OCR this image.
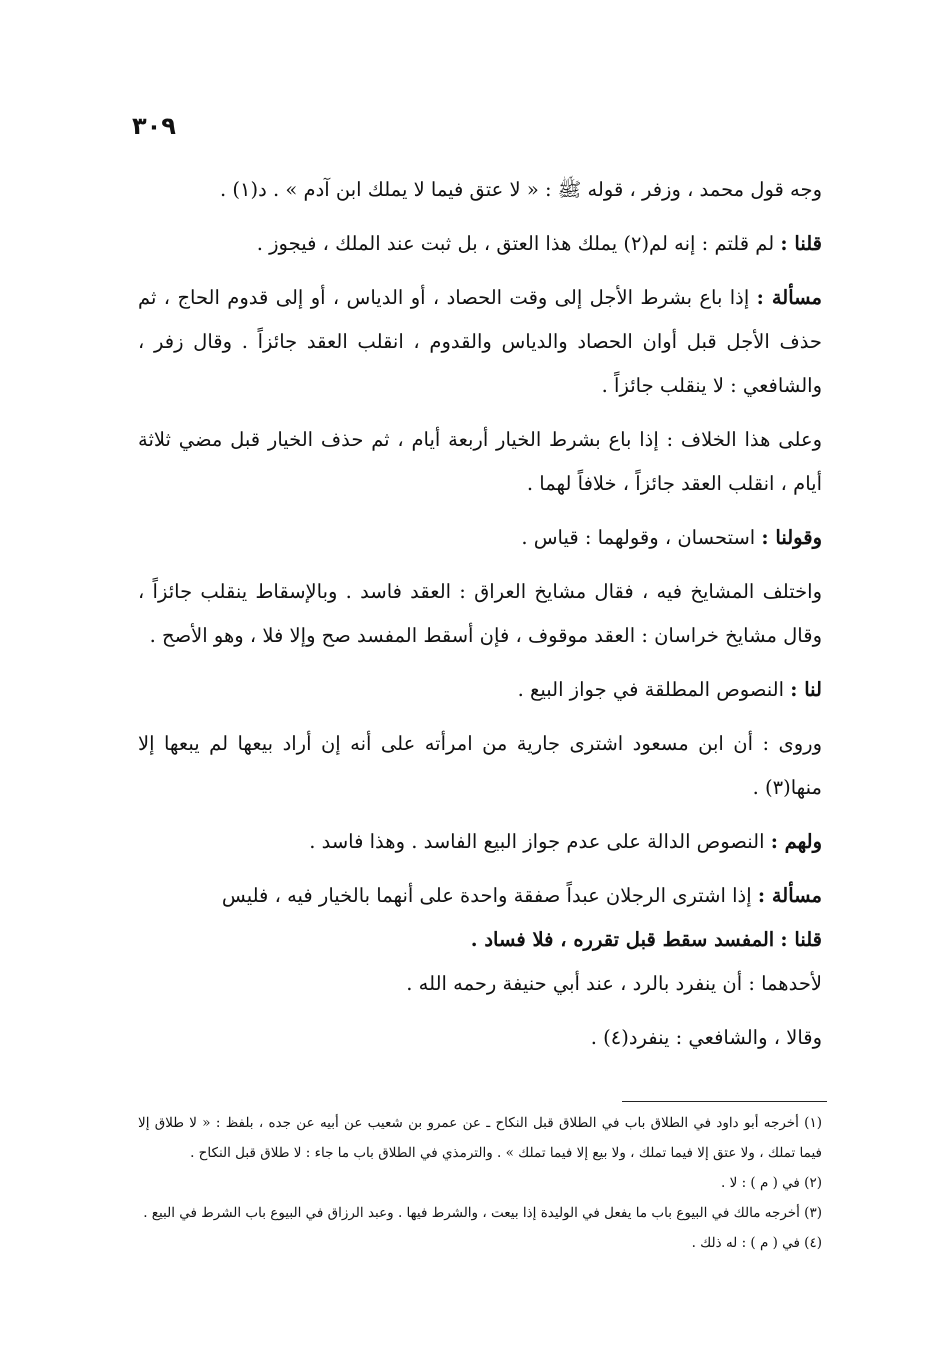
٣٠٩

وجه قول محمد ، وزفر ، قوله ﷺ : « لا عتق فيما لا يملك ابن آدم » . د(١) .

قلنا : لم قلتم : إنه لم(٢) يملك هذا العتق ، بل ثبت عند الملك ، فيجوز .

مسألة : إذا باع بشرط الأجل إلى وقت الحصاد ، أو الدياس ، أو إلى قدوم الحاج ، ثم حذف الأجل قبل أوان الحصاد والدياس والقدوم ، انقلب العقد جائزاً . وقال زفر ، والشافعي : لا ينقلب جائزاً .

وعلى هذا الخلاف : إذا باع بشرط الخيار أربعة أيام ، ثم حذف الخيار قبل مضي ثلاثة أيام ، انقلب العقد جائزاً ، خلافاً لهما .

وقولنا : استحسان ، وقولهما : قياس .

واختلف المشايخ فيه ، فقال مشايخ العراق : العقد فاسد . وبالإسقاط ينقلب جائزاً ، وقال مشايخ خراسان : العقد موقوف ، فإن أسقط المفسد صح وإلا فلا ، وهو الأصح .

لنا : النصوص المطلقة في جواز البيع .

وروى : أن ابن مسعود اشترى جارية من امرأته على أنه إن أراد بيعها لم يبعها إلا منها(٣) .

ولهم : النصوص الدالة على عدم جواز البيع الفاسد . وهذا فاسد .

مسألة : إذا اشترى الرجلان عبداً صفقة واحدة على أنهما بالخيار فيه ، فليس

قلنا : المفسد سقط قبل تقرره ، فلا فساد .

لأحدهما : أن ينفرد بالرد ، عند أبي حنيفة رحمه الله .

وقالا ، والشافعي : ينفرد(٤) .

(١) أخرجه أبو داود في الطلاق باب في الطلاق قبل النكاح ـ عن عمرو بن شعيب عن أبيه عن جده ، بلفظ : « لا طلاق إلا فيما تملك ، ولا عتق إلا فيما تملك ، ولا بيع إلا فيما تملك » . والترمذي في الطلاق باب ما جاء : لا طلاق قبل النكاح .

(٢) في ( م ) : لا .

(٣) أخرجه مالك في البيوع باب ما يفعل في الوليدة إذا بيعت ، والشرط فيها . وعبد الرزاق في البيوع باب الشرط في البيع .

(٤) في ( م ) : له ذلك .
